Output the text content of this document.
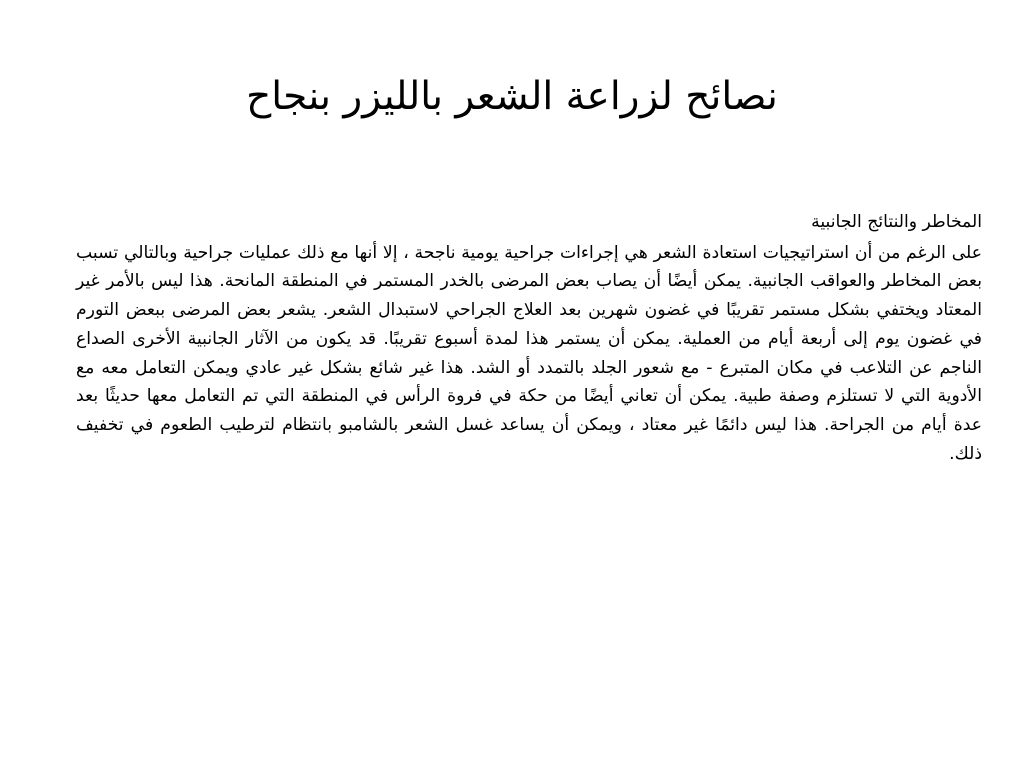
نصائح لزراعة الشعر بالليزر بنجاح
المخاطر والنتائج الجانبية

على الرغم من أن استراتيجيات استعادة الشعر هي إجراءات جراحية يومية ناجحة ، إلا أنها مع ذلك عمليات جراحية وبالتالي تسبب بعض المخاطر والعواقب الجانبية. يمكن أيضًا أن يصاب بعض المرضى بالخدر المستمر في المنطقة المانحة. هذا ليس بالأمر غير المعتاد ويختفي بشكل مستمر تقريبًا في غضون شهرين بعد العلاج الجراحي لاستبدال الشعر. يشعر بعض المرضى ببعض التورم في غضون يوم إلى أربعة أيام من العملية. يمكن أن يستمر هذا لمدة أسبوع تقريبًا. قد يكون من الآثار الجانبية الأخرى الصداع الناجم عن التلاعب في مكان المتبرع - مع شعور الجلد بالتمدد أو الشد. هذا غير شائع بشكل غير عادي ويمكن التعامل معه مع الأدوية التي لا تستلزم وصفة طبية. يمكن أن تعاني أيضًا من حكة في فروة الرأس في المنطقة التي تم التعامل معها حديثًا بعد عدة أيام من الجراحة. هذا ليس دائمًا غير معتاد ، ويمكن أن يساعد غسل الشعر بالشامبو بانتظام لترطيب الطعوم في تخفيف ذلك.
